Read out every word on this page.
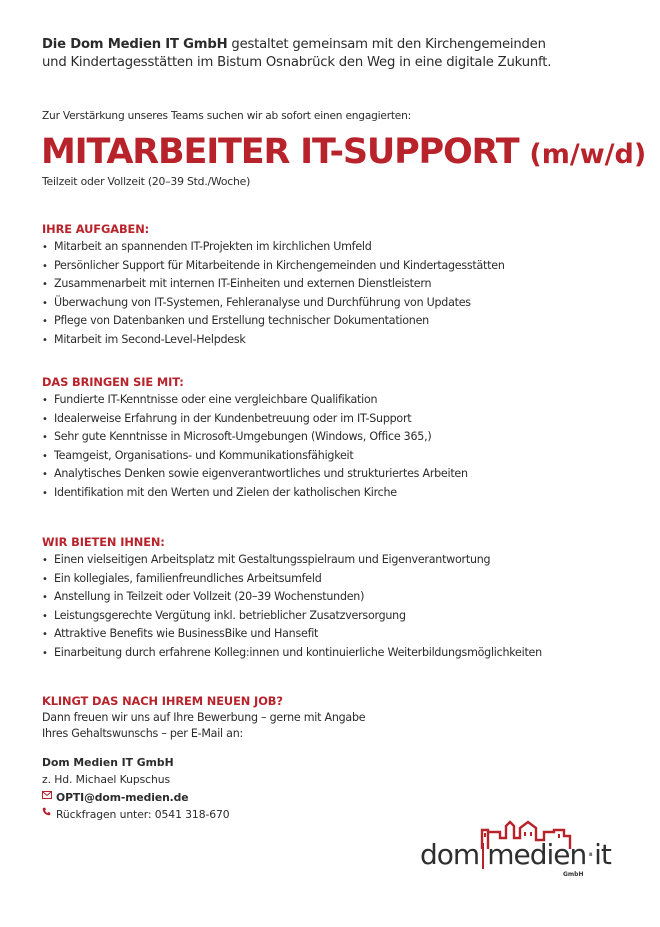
Die Dom Medien IT GmbH gestaltet gemeinsam mit den Kirchengemeinden
und Kindertagesstätten im Bistum Osnabrück den Weg in eine digitale Zukunft.
Zur Verstärkung unseres Teams suchen wir ab sofort einen engagierten:
MITARBEITER IT-SUPPORT (m/w/d)
Teilzeit oder Vollzeit (20–39 Std./Woche)
IHRE AUFGABEN:
• Mitarbeit an spannenden IT-Projekten im kirchlichen Umfeld
• Persönlicher Support für Mitarbeitende in Kirchengemeinden und Kindertagesstätten
• Zusammenarbeit mit internen IT-Einheiten und externen Dienstleistern
• Überwachung von IT-Systemen, Fehleranalyse und Durchführung von Updates
• Pflege von Datenbanken und Erstellung technischer Dokumentationen
• Mitarbeit im Second-Level-Helpdesk
DAS BRINGEN SIE MIT:
• Fundierte IT-Kenntnisse oder eine vergleichbare Qualifikation
• Idealerweise Erfahrung in der Kundenbetreuung oder im IT-Support
• Sehr gute Kenntnisse in Microsoft-Umgebungen (Windows, Office 365,)
• Teamgeist, Organisations- und Kommunikationsfähigkeit
• Analytisches Denken sowie eigenverantwortliches und strukturiertes Arbeiten
• Identifikation mit den Werten und Zielen der katholischen Kirche
WIR BIETEN IHNEN:
• Einen vielseitigen Arbeitsplatz mit Gestaltungsspielraum und Eigenverantwortung
• Ein kollegiales, familienfreundliches Arbeitsumfeld
• Anstellung in Teilzeit oder Vollzeit (20–39 Wochenstunden)
• Leistungsgerechte Vergütung inkl. betrieblicher Zusatzversorgung
• Attraktive Benefits wie BusinessBike und Hansefit
• Einarbeitung durch erfahrene Kolleg:innen und kontinuierliche Weiterbildungsmöglichkeiten
KLINGT DAS NACH IHREM NEUEN JOB?
Dann freuen wir uns auf Ihre Bewerbung – gerne mit Angabe
Ihres Gehaltswunschs – per E-Mail an:
Dom Medien IT GmbH
z. Hd. Michael Kupschus
OPTI@dom-medien.de
Rückfragen unter: 0541 318-670
dom medien·it
GmbH
